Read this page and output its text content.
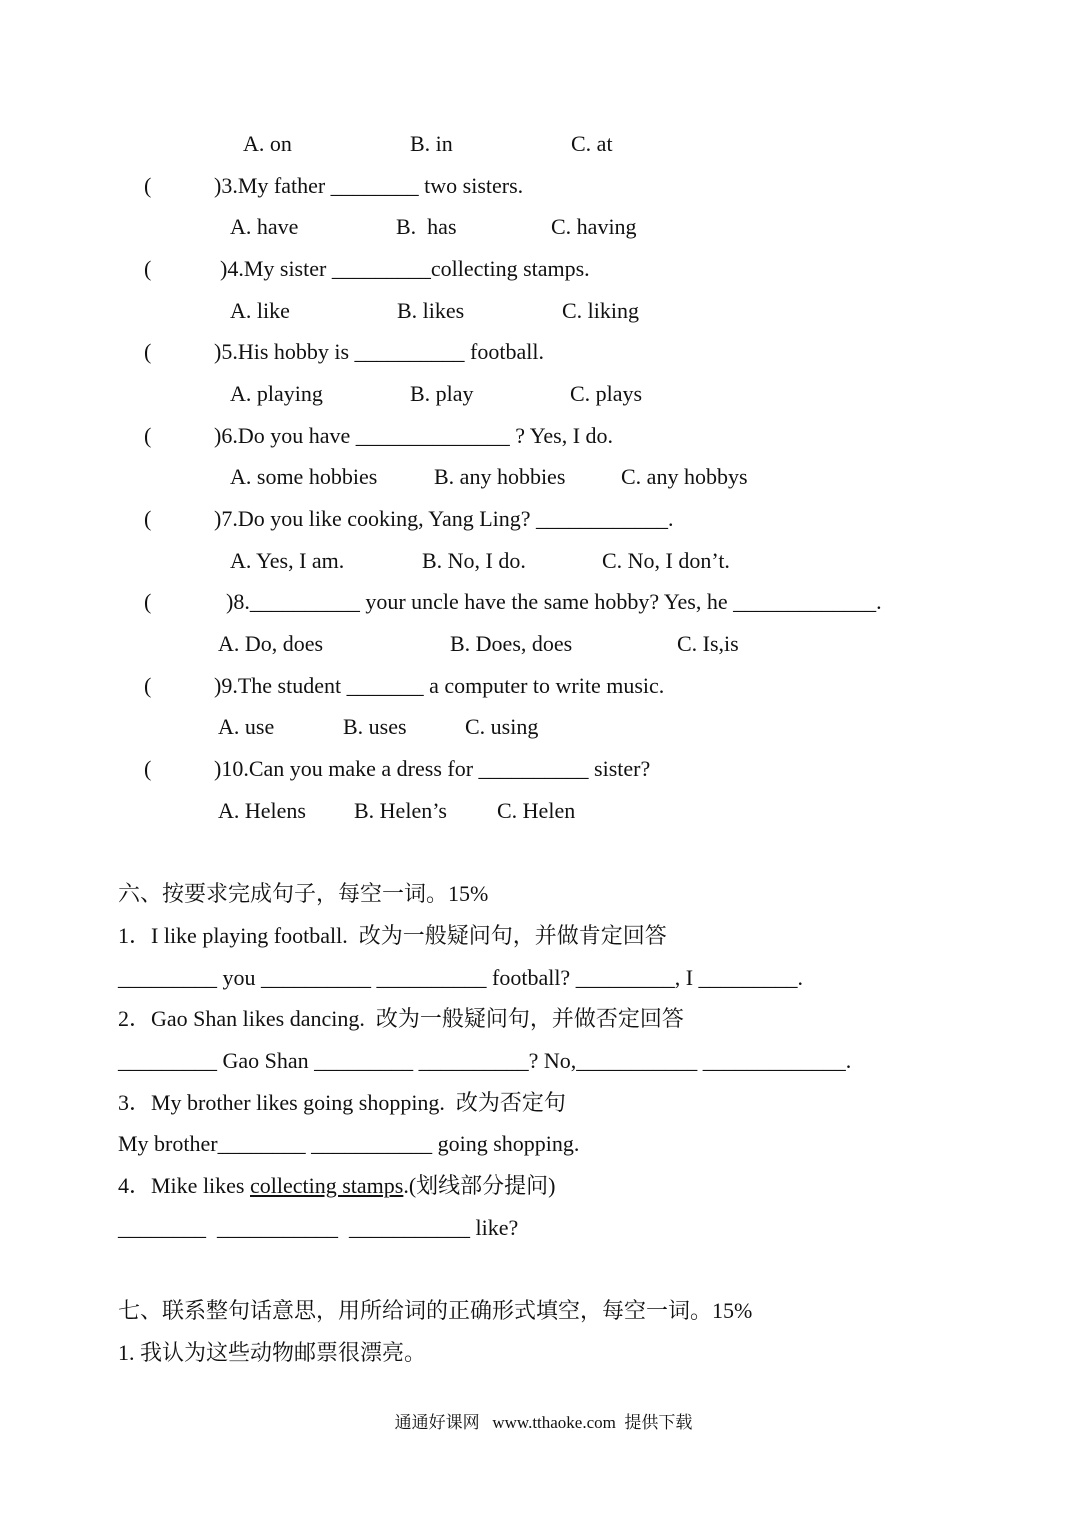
A. on	B. in	C. at
(	)3.My father ________ two sisters.
A. have	B.  has	C. having
(	)4.My sister _________collecting stamps.
A. like	B. likes	C. liking
(	)5.His hobby is __________ football.
A. playing	B. play	C. plays
(	)6.Do you have ______________ ? Yes, I do.
A. some hobbies	B. any hobbies	C. any hobbys
(	)7.Do you like cooking, Yang Ling? ____________.
A. Yes, I am.	B. No, I do.	C. No, I don’t.
(	)8.__________ your uncle have the same hobby? Yes, he _____________.
A. Do, does	B. Does, does	C. Is,is
(	)9.The student _______ a computer to write music.
A. use	B. uses	C. using
(	)10.Can you make a dress for __________ sister?
A. Helens B. Helen’s C. Helen
六、按要求完成句子，每空一词。15%
1．I like playing football.  改为一般疑问句，并做肯定回答
_________ you __________ __________ football? _________, I _________.
2．Gao Shan likes dancing.  改为一般疑问句，并做否定回答
_________ Gao Shan _________ __________? No,___________ _____________.
3．My brother likes going shopping.  改为否定句
My brother________ ___________ going shopping.
4．Mike likes collecting stamps.(划线部分提问)
________  ___________  ___________ like?
七、联系整句话意思，用所给词的正确形式填空，每空一词。15%
1. 我认为这些动物邮票很漂亮。
通通好课网   www.tthaoke.com  提供下载
